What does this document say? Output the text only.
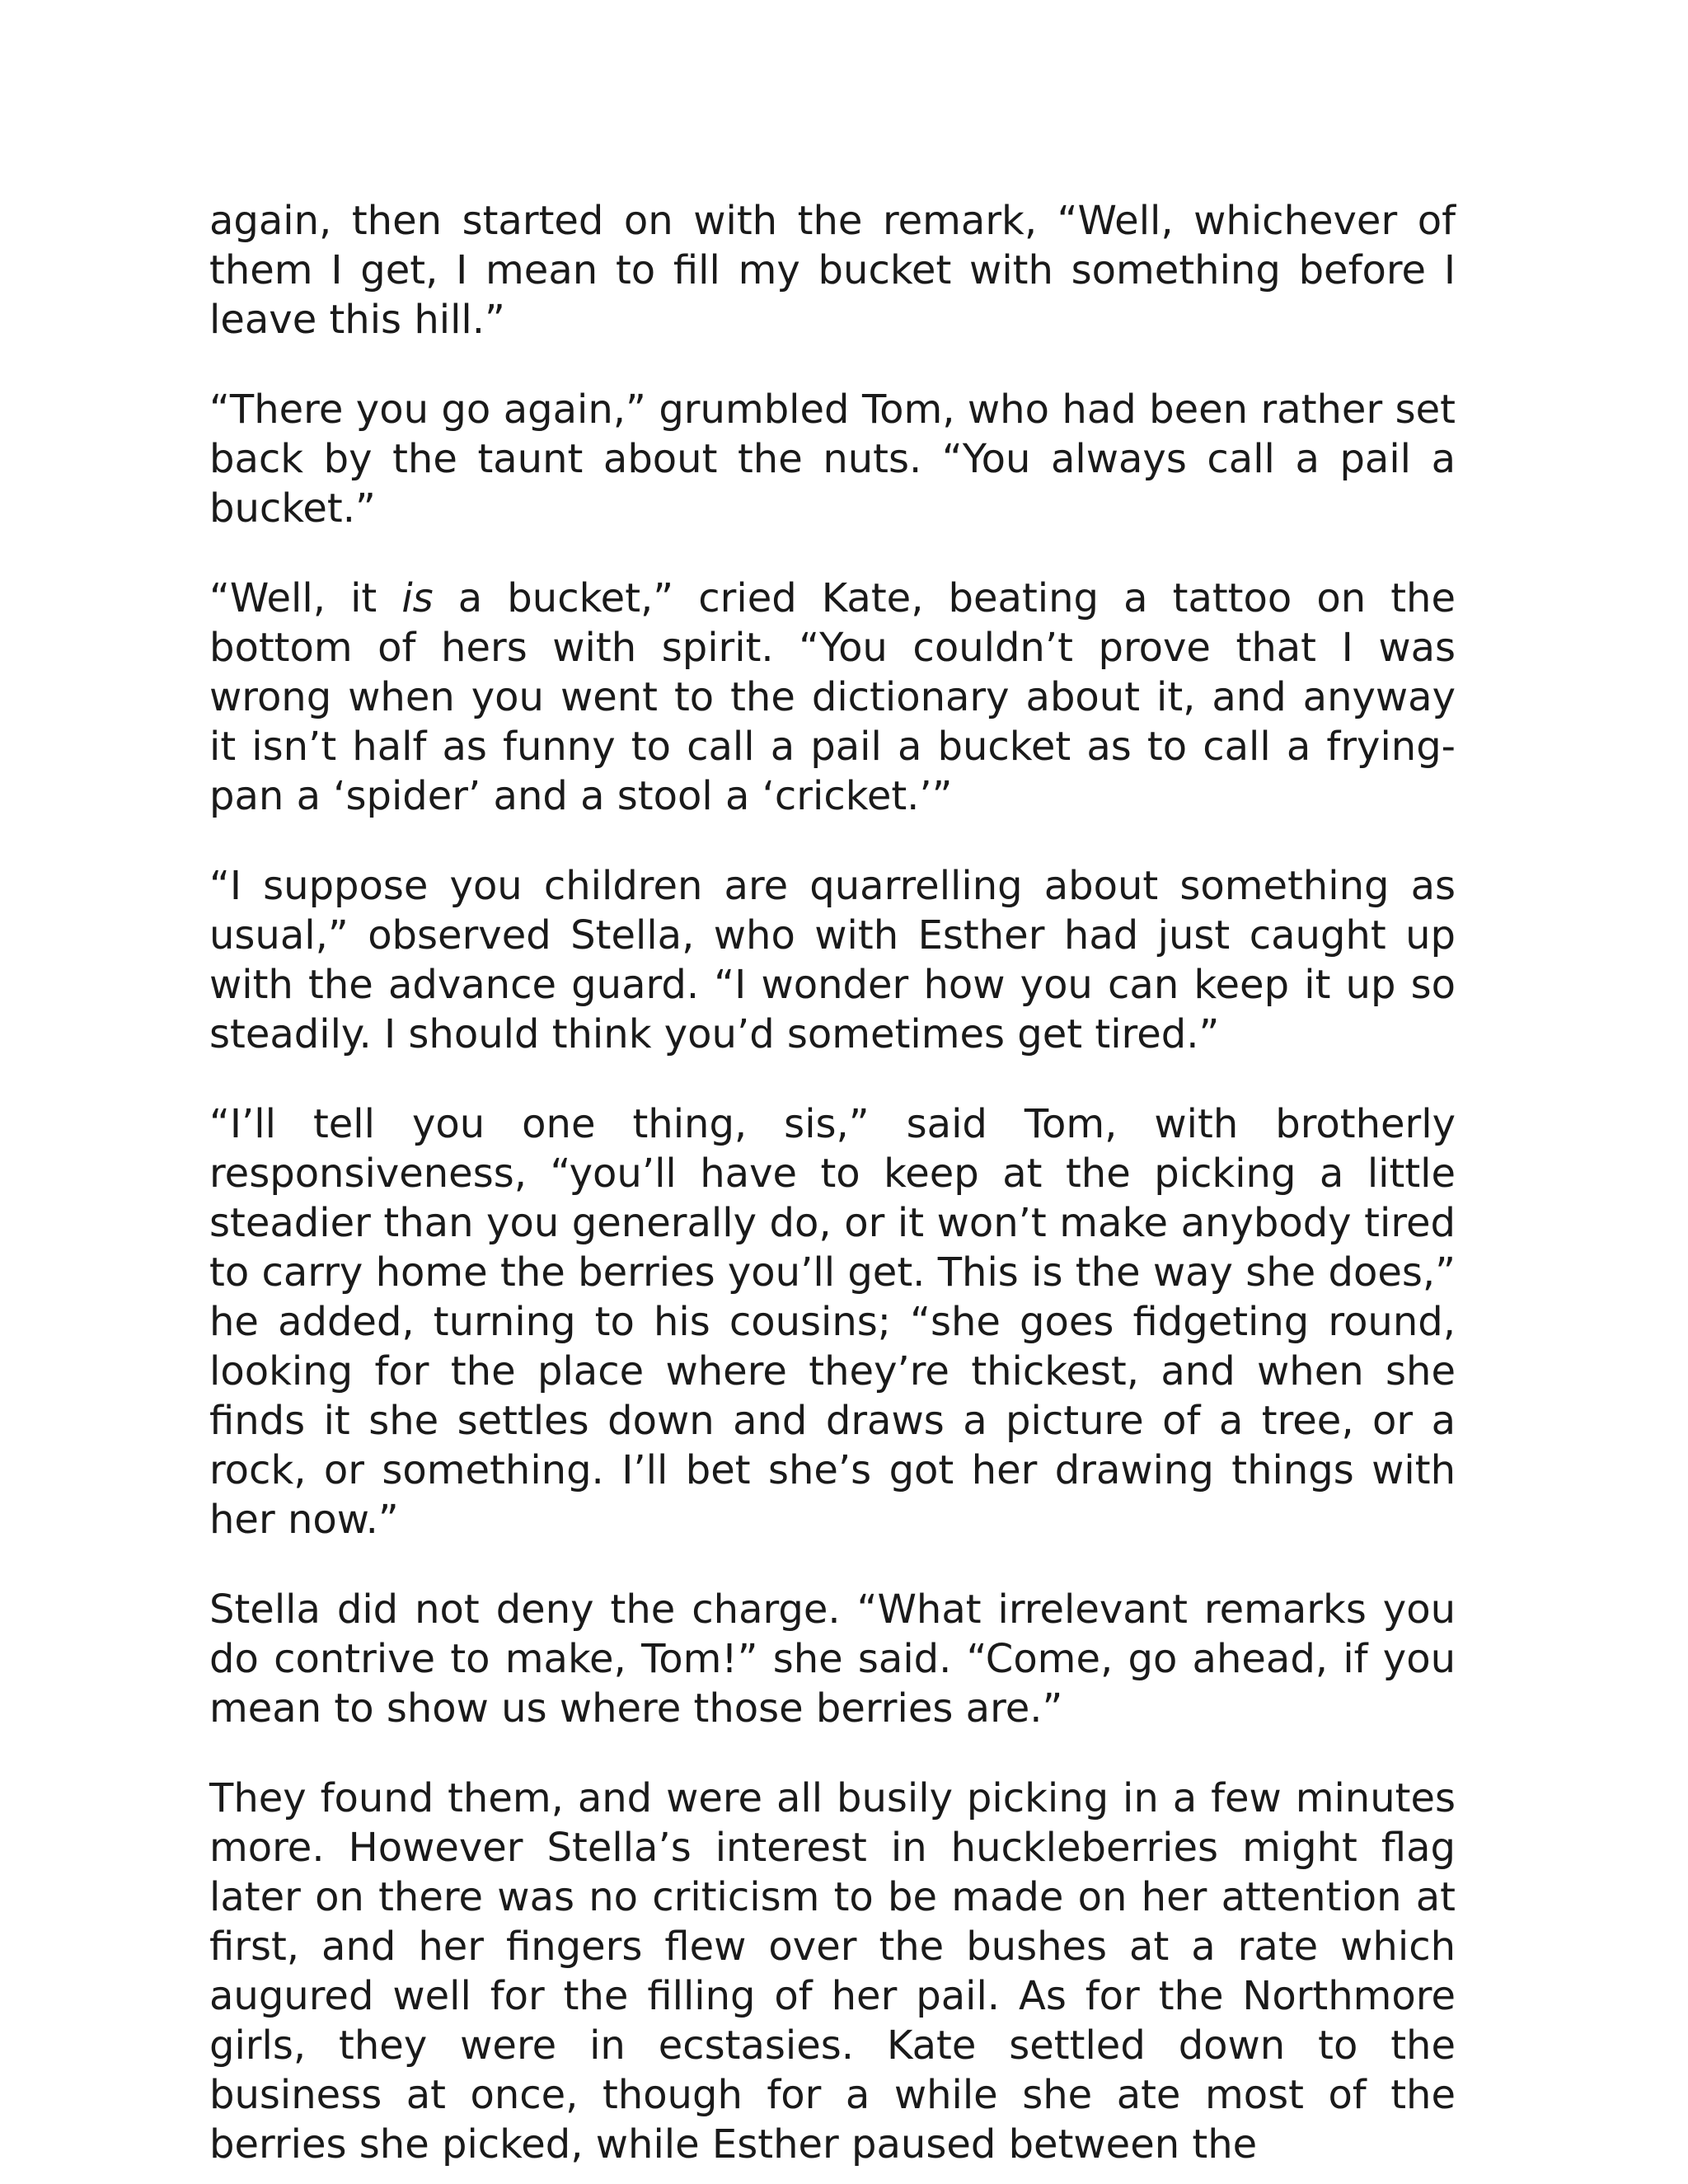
again, then started on with the remark, “Well, whichever of them I get, I mean to fill my bucket with something before I leave this hill.”

“There you go again,” grumbled Tom, who had been rather set back by the taunt about the nuts. “You always call a pail a bucket.”

“Well, it is a bucket,” cried Kate, beating a tattoo on the bottom of hers with spirit. “You couldn’t prove that I was wrong when you went to the dictionary about it, and anyway it isn’t half as funny to call a pail a bucket as to call a frying-pan a ‘spider’ and a stool a ‘cricket.’”

“I suppose you children are quarrelling about something as usual,” observed Stella, who with Esther had just caught up with the advance guard. “I wonder how you can keep it up so steadily. I should think you’d sometimes get tired.”

“I’ll tell you one thing, sis,” said Tom, with brotherly responsiveness, “you’ll have to keep at the picking a little steadier than you generally do, or it won’t make anybody tired to carry home the berries you’ll get. This is the way she does,” he added, turning to his cousins; “she goes fidgeting round, looking for the place where they’re thickest, and when she finds it she settles down and draws a picture of a tree, or a rock, or something. I’ll bet she’s got her drawing things with her now.”

Stella did not deny the charge. “What irrelevant remarks you do contrive to make, Tom!” she said. “Come, go ahead, if you mean to show us where those berries are.”

They found them, and were all busily picking in a few minutes more. However Stella’s interest in huckleberries might flag later on there was no criticism to be made on her attention at first, and her fingers flew over the bushes at a rate which augured well for the filling of her pail. As for the Northmore girls, they were in ecstasies. Kate settled down to the business at once, though for a while she ate most of the berries she picked, while Esther paused between the
